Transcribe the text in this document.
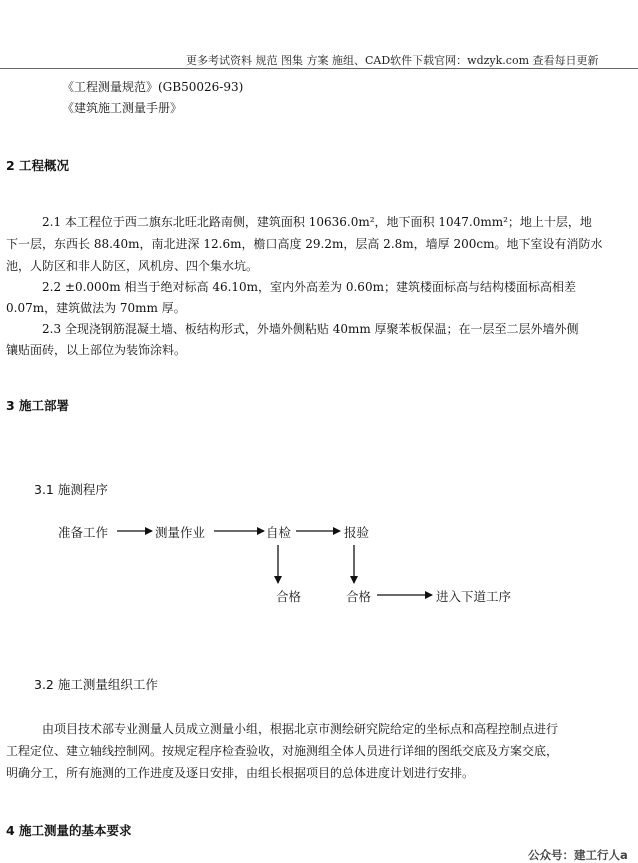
更多考试资料 规范 图集 方案 施组、CAD软件下载官网：wdzyk.com 查看每日更新
《工程测量规范》(GB50026-93)
《建筑施工测量手册》
2 工程概况
2.1 本工程位于西二旗东北旺北路南侧，建筑面积 10636.0m²，地下面积 1047.0mm²；地上十层，地
下一层，东西长 88.40m，南北进深 12.6m，檐口高度 29.2m，层高 2.8m，墙厚 200cm。地下室设有消防水
池，人防区和非人防区，风机房、四个集水坑。
2.2 ±0.000m 相当于绝对标高 46.10m，室内外高差为 0.60m；建筑楼面标高与结构楼面标高相差
0.07m，建筑做法为 70mm 厚。
2.3 全现浇钢筋混凝土墙、板结构形式，外墙外侧粘贴 40mm 厚聚苯板保温；在一层至二层外墙外侧
镶贴面砖，以上部位为装饰涂料。
3 施工部署
3.1 施测程序
准备工作	测量作业	自检	报验
合格	合格	进入下道工序
3.2 施工测量组织工作
由项目技术部专业测量人员成立测量小组，根据北京市测绘研究院给定的坐标点和高程控制点进行
工程定位、建立轴线控制网。按规定程序检查验收，对施测组全体人员进行详细的图纸交底及方案交底，
明确分工，所有施测的工作进度及逐日安排，由组长根据项目的总体进度计划进行安排。
4 施工测量的基本要求
公众号：建工行人a
